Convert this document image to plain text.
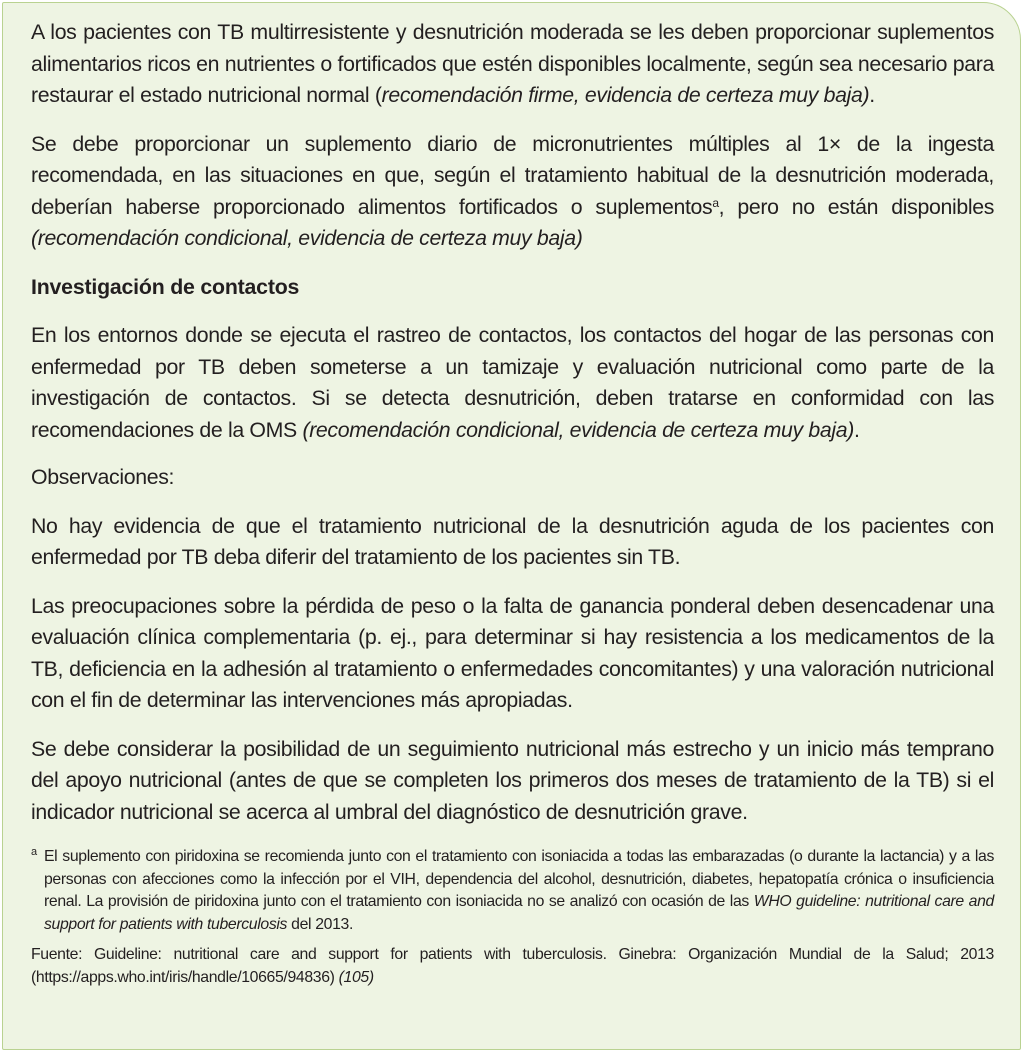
A los pacientes con TB multirresistente y desnutrición moderada se les deben proporcionar suplementos alimentarios ricos en nutrientes o fortificados que estén disponibles localmente, según sea necesario para restaurar el estado nutricional normal (recomendación firme, evidencia de certeza muy baja).

Se debe proporcionar un suplemento diario de micronutrientes múltiples al 1× de la ingesta recomendada, en las situaciones en que, según el tratamiento habitual de la desnutrición moderada, deberían haberse proporcionado alimentos fortificados o suplementos$^a$, pero no están disponibles (recomendación condicional, evidencia de certeza muy baja)

Investigación de contactos

En los entornos donde se ejecuta el rastreo de contactos, los contactos del hogar de las personas con enfermedad por TB deben someterse a un tamizaje y evaluación nutricional como parte de la investigación de contactos. Si se detecta desnutrición, deben tratarse en conformidad con las recomendaciones de la OMS (recomendación condicional, evidencia de certeza muy baja).

Observaciones:

No hay evidencia de que el tratamiento nutricional de la desnutrición aguda de los pacientes con enfermedad por TB deba diferir del tratamiento de los pacientes sin TB.

Las preocupaciones sobre la pérdida de peso o la falta de ganancia ponderal deben desencadenar una evaluación clínica complementaria (p. ej., para determinar si hay resistencia a los medicamentos de la TB, deficiencia en la adhesión al tratamiento o enfermedades concomitantes) y una valoración nutricional con el fin de determinar las intervenciones más apropiadas.

Se debe considerar la posibilidad de un seguimiento nutricional más estrecho y un inicio más temprano del apoyo nutricional (antes de que se completen los primeros dos meses de tratamiento de la TB) si el indicador nutricional se acerca al umbral del diagnóstico de desnutrición grave.

a El suplemento con piridoxina se recomienda junto con el tratamiento con isoniacida a todas las embarazadas (o durante la lactancia) y a las personas con afecciones como la infección por el VIH, dependencia del alcohol, desnutrición, diabetes, hepatopatía crónica o insuficiencia renal. La provisión de piridoxina junto con el tratamiento con isoniacida no se analizó con ocasión de las WHO guideline: nutritional care and support for patients with tuberculosis del 2013.
Fuente: Guideline: nutritional care and support for patients with tuberculosis. Ginebra: Organización Mundial de la Salud; 2013 (https://apps.who.int/iris/handle/10665/94836) (105)
